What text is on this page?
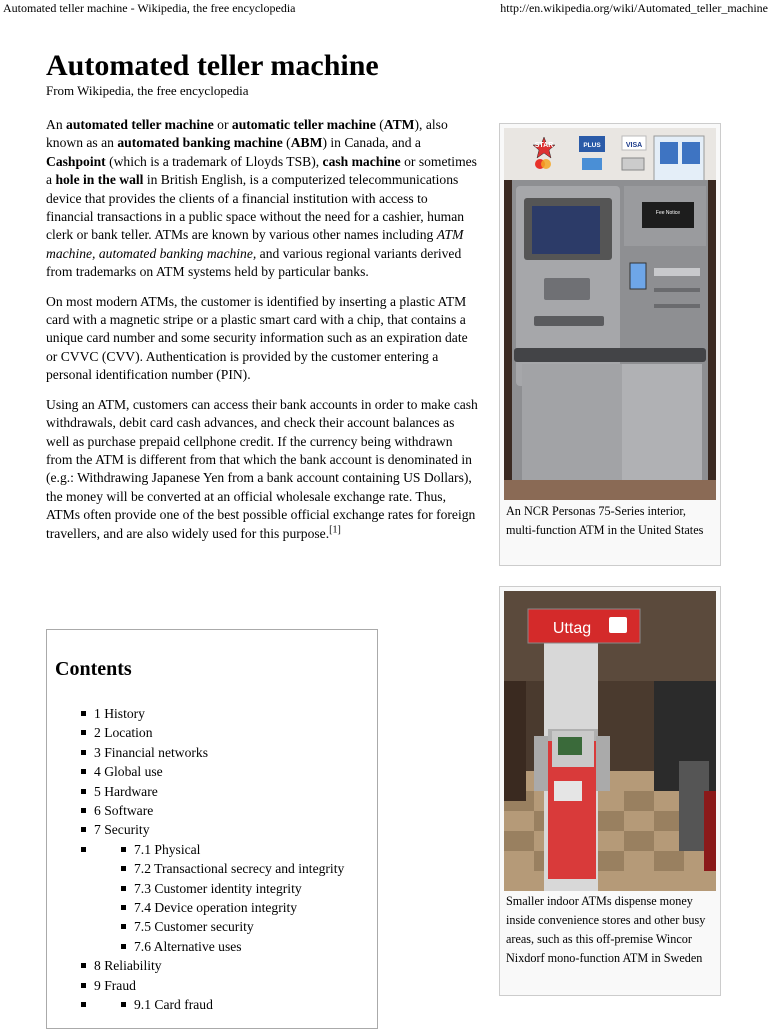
Automated teller machine - Wikipedia, the free encyclopedia	http://en.wikipedia.org/wiki/Automated_teller_machine
Automated teller machine
From Wikipedia, the free encyclopedia

An automated teller machine or automatic teller machine (ATM), also known as an automated banking machine (ABM) in Canada, and a Cashpoint (which is a trademark of Lloyds TSB), cash machine or sometimes a hole in the wall in British English, is a computerized telecommunications device that provides the clients of a financial institution with access to financial transactions in a public space without the need for a cashier, human clerk or bank teller. ATMs are known by various other names including ATM machine, automated banking machine, and various regional variants derived from trademarks on ATM systems held by particular banks.

On most modern ATMs, the customer is identified by inserting a plastic ATM card with a magnetic stripe or a plastic smart card with a chip, that contains a unique card number and some security information such as an expiration date or CVVC (CVV). Authentication is provided by the customer entering a personal identification number (PIN).

Using an ATM, customers can access their bank accounts in order to make cash withdrawals, debit card cash advances, and check their account balances as well as purchase prepaid cellphone credit. If the currency being withdrawn from the ATM is different from that which the bank account is denominated in (e.g.: Withdrawing Japanese Yen from a bank account containing US Dollars), the money will be converted at an official wholesale exchange rate. Thus, ATMs often provide one of the best possible official exchange rates for foreign travellers, and are also widely used for this purpose.[1]

Contents
1 History
2 Location
3 Financial networks
4 Global use
5 Hardware
6 Software
7 Security
7.1 Physical
7.2 Transactional secrecy and integrity
7.3 Customer identity integrity
7.4 Device operation integrity
7.5 Customer security
7.6 Alternative uses
8 Reliability
9 Fraud
9.1 Card fraud
STAR	PLUS	VISA
Fee Notice
An NCR Personas 75-Series interior, multi-function ATM in the United States
Uttag
Smaller indoor ATMs dispense money inside convenience stores and other busy areas, such as this off-premise Wincor Nixdorf mono-function ATM in Sweden
